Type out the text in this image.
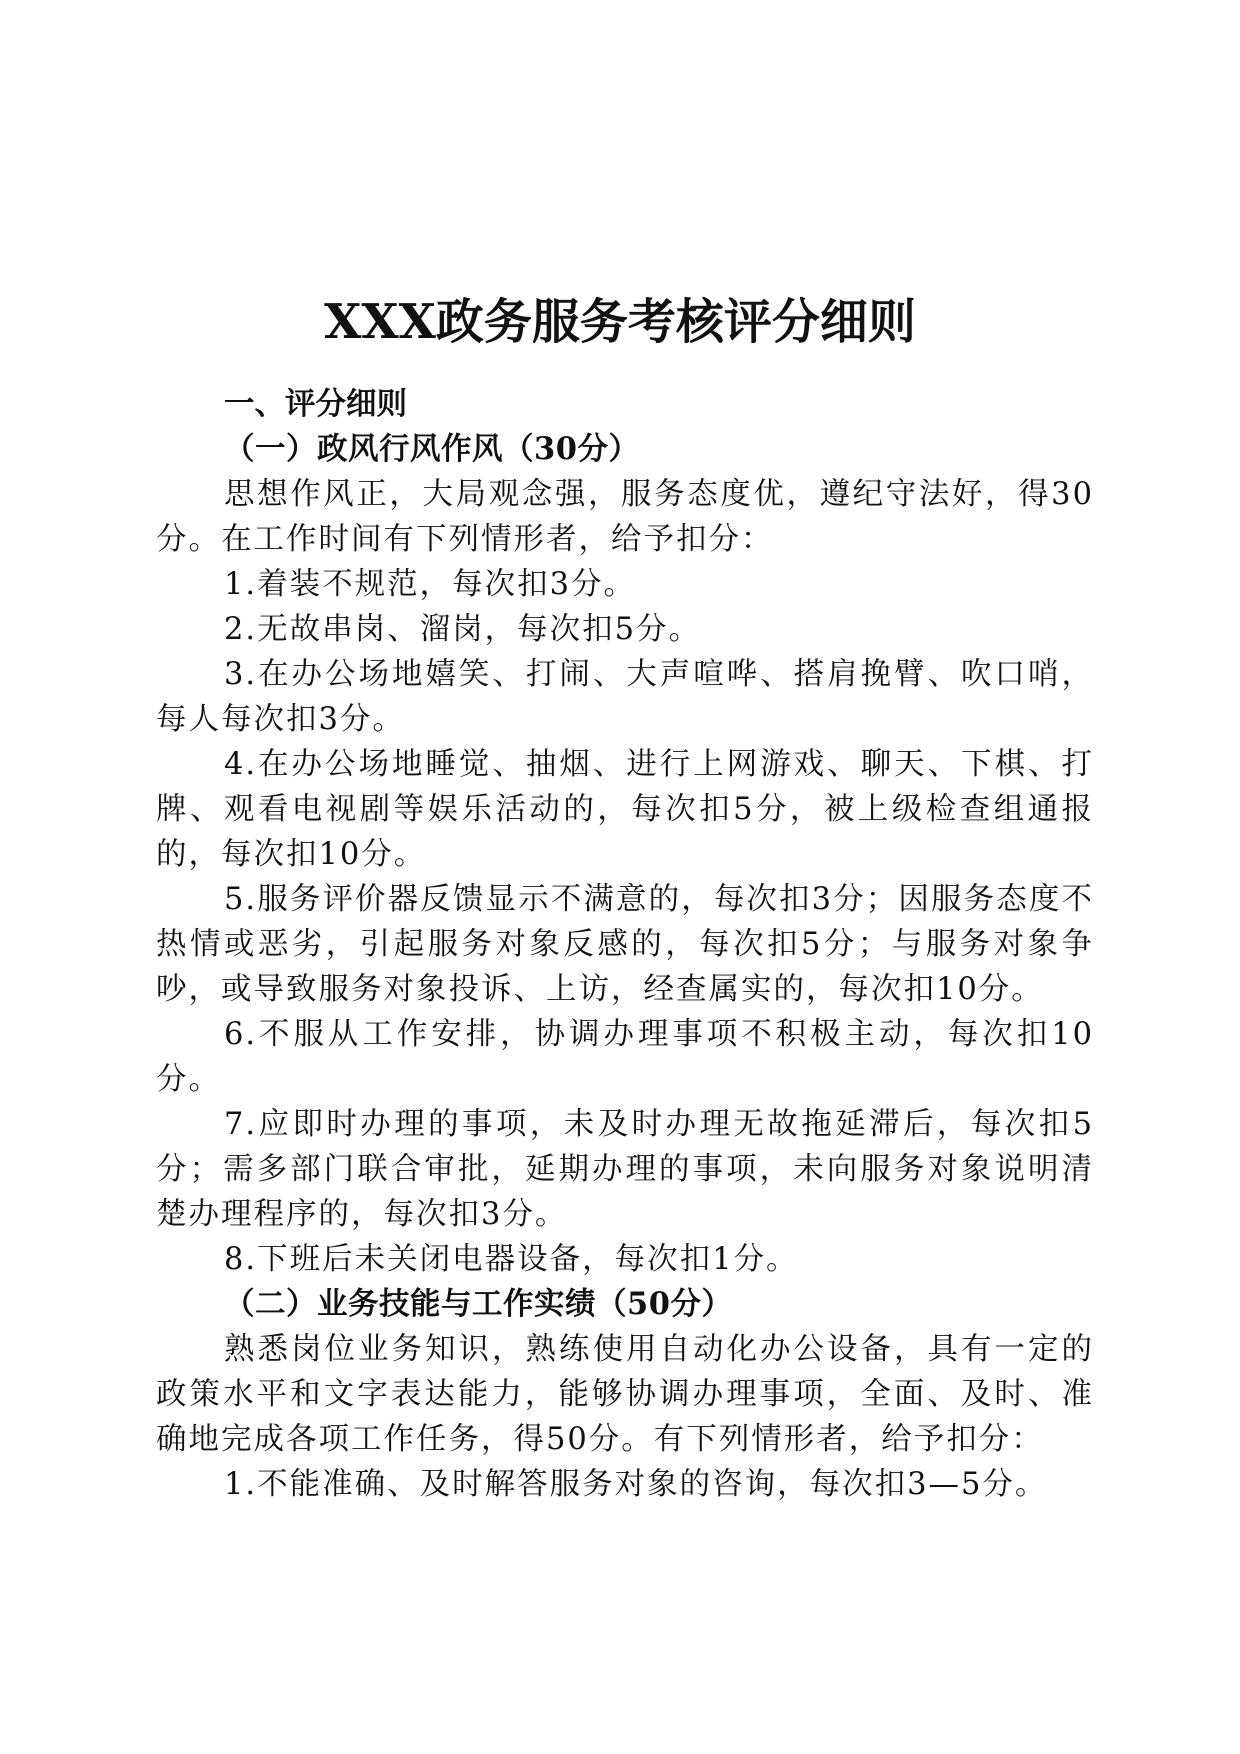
XXX政务服务考核评分细则

一、评分细则

（一）政风行风作风（30分）

思想作风正，大局观念强，服务态度优，遵纪守法好，得30分。在工作时间有下列情形者，给予扣分：

1.着装不规范，每次扣3分。

2.无故串岗、溜岗，每次扣5分。

3.在办公场地嬉笑、打闹、大声喧哗、搭肩挽臂、吹口哨，每人每次扣3分。

4.在办公场地睡觉、抽烟、进行上网游戏、聊天、下棋、打牌、观看电视剧等娱乐活动的，每次扣5分，被上级检查组通报的，每次扣10分。

5.服务评价器反馈显示不满意的，每次扣3分；因服务态度不热情或恶劣，引起服务对象反感的，每次扣5分；与服务对象争吵，或导致服务对象投诉、上访，经查属实的，每次扣10分。

6.不服从工作安排，协调办理事项不积极主动，每次扣10分。

7.应即时办理的事项，未及时办理无故拖延滞后，每次扣5分；需多部门联合审批，延期办理的事项，未向服务对象说明清楚办理程序的，每次扣3分。

8.下班后未关闭电器设备，每次扣1分。

（二）业务技能与工作实绩（50分）

熟悉岗位业务知识，熟练使用自动化办公设备，具有一定的政策水平和文字表达能力，能够协调办理事项，全面、及时、准确地完成各项工作任务，得50分。有下列情形者，给予扣分：

1.不能准确、及时解答服务对象的咨询，每次扣3—5分。
